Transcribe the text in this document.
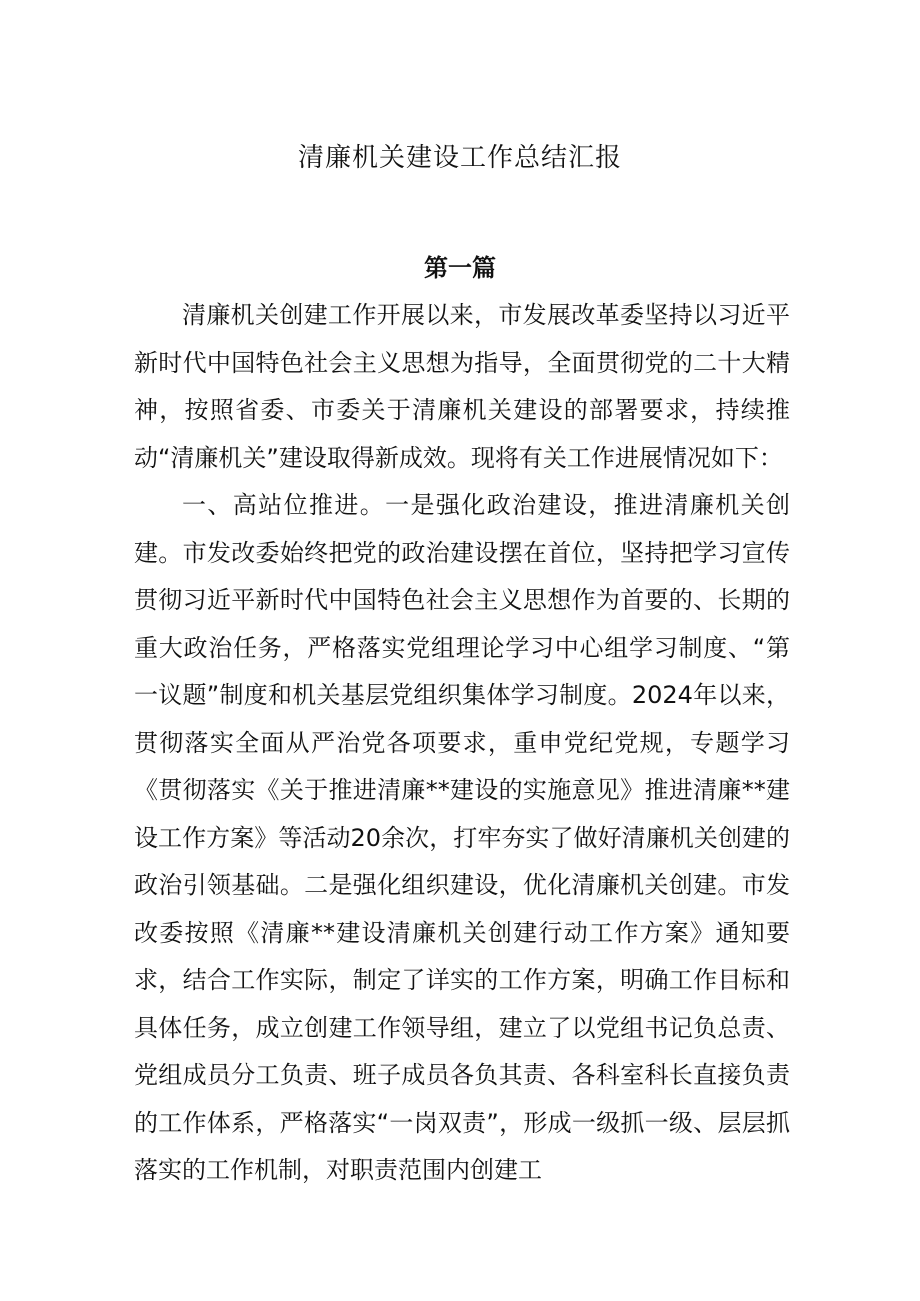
清廉机关建设工作总结汇报
第一篇

清廉机关创建工作开展以来，市发展改革委坚持以习近平新时代中国特色社会主义思想为指导，全面贯彻党的二十大精神，按照省委、市委关于清廉机关建设的部署要求，持续推动“清廉机关”建设取得新成效。现将有关工作进展情况如下：

一、高站位推进。一是强化政治建设，推进清廉机关创建。市发改委始终把党的政治建设摆在首位，坚持把学习宣传贯彻习近平新时代中国特色社会主义思想作为首要的、长期的重大政治任务，严格落实党组理论学习中心组学习制度、“第一议题”制度和机关基层党组织集体学习制度。2024年以来，贯彻落实全面从严治党各项要求，重申党纪党规，专题学习《贯彻落实《关于推进清廉**建设的实施意见》推进清廉**建设工作方案》等活动20余次，打牢夯实了做好清廉机关创建的政治引领基础。二是强化组织建设，优化清廉机关创建。市发改委按照《清廉**建设清廉机关创建行动工作方案》通知要求，结合工作实际，制定了详实的工作方案，明确工作目标和具体任务，成立创建工作领导组，建立了以党组书记负总责、党组成员分工负责、班子成员各负其责、各科室科长直接负责的工作体系，严格落实“一岗双责”，形成一级抓一级、层层抓落实的工作机制，对职责范围内创建工
